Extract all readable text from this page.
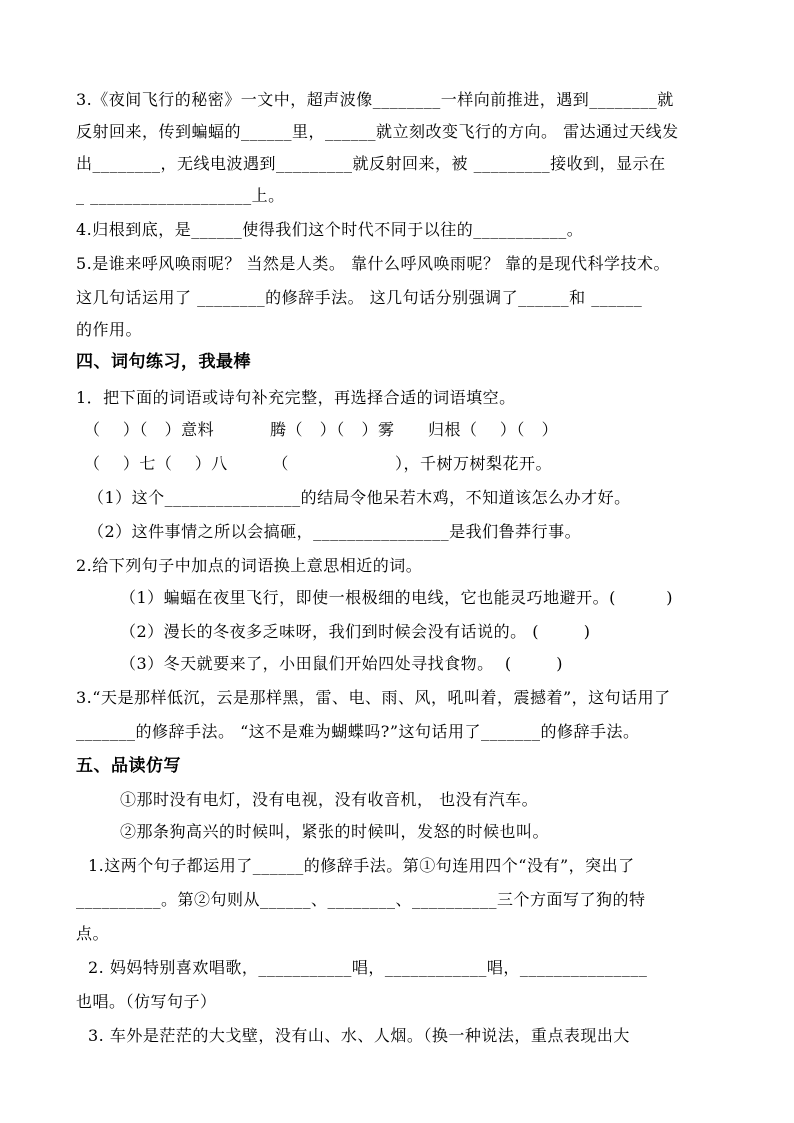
3.《夜间飞行的秘密》一文中，超声波像________一样向前推进，遇到________就
反射回来，传到蝙蝠的______里，______就立刻改变飞行的方向。 雷达通过天线发
出________，无线电波遇到_________就反射回来，被 _________接收到，显示在
_ ___________________上。
4.归根到底，是______使得我们这个时代不同于以往的___________。
5.是谁来呼风唤雨呢？ 当然是人类。 靠什么呼风唤雨呢？ 靠的是现代科学技术。
这几句话运用了 ________的修辞手法。 这几句话分别强调了______和 ______
的作用。
四、词句练习，我最棒
1．把下面的词语或诗句补充完整，再选择合适的词语填空。
（    ）（   ）意料          腾（   ）（   ）雾      归根（    ）（   ）
（    ）七（    ）八        （                   ），千树万树梨花开。
（1）这个________________的结局令他呆若木鸡，不知道该怎么办才好。
（2）这件事情之所以会搞砸，________________是我们鲁莽行事。
2.给下列句子中加点的词语换上意思相近的词。
（1）蝙蝠在夜里飞行，即使一根极细的电线，它也能灵巧地避开。(         )
（2）漫长的冬夜多乏味呀，我们到时候会没有话说的。 (        )
（3）冬天就要来了，小田鼠们开始四处寻找食物。  (        )
3.“天是那样低沉，云是那样黑，雷、电、雨、风，吼叫着，震撼着”，这句话用了
_______的修辞手法。 “这不是难为蝴蝶吗?”这句话用了_______的修辞手法。
五、品读仿写
①那时没有电灯，没有电视，没有收音机， 也没有汽车。
②那条狗高兴的时候叫，紧张的时候叫，发怒的时候也叫。
1.这两个句子都运用了______的修辞手法。第①句连用四个“没有”，突出了
__________。第②句则从______、________、__________三个方面写了狗的特
点。
2. 妈妈特别喜欢唱歌，___________唱，____________唱，_______________
也唱。（仿写句子）
3. 车外是茫茫的大戈壁，没有山、水、人烟。（换一种说法，重点表现出大
